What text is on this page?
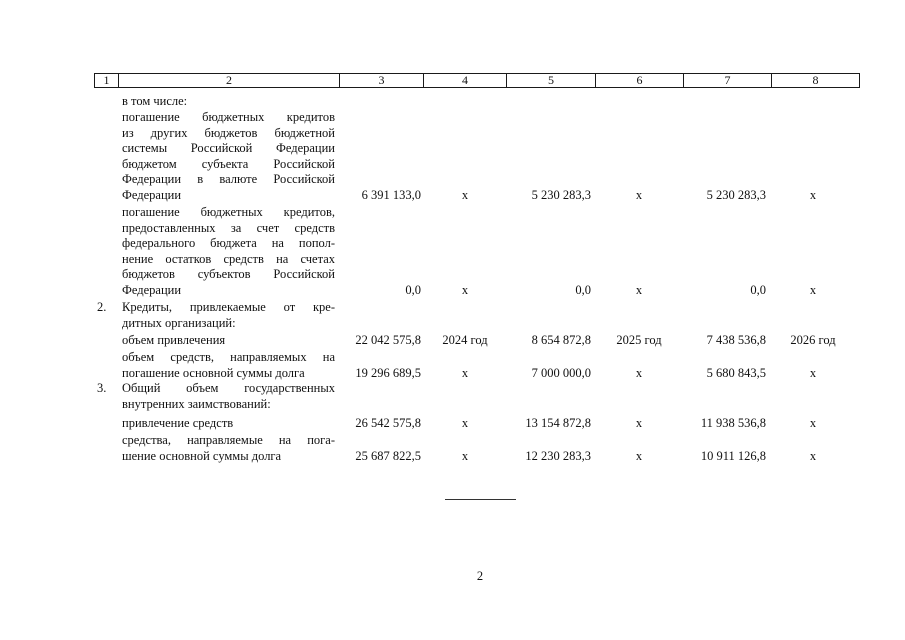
1	2	3	4	5	6	7	8
в том числе:
погашение бюджетных кредитов
из других бюджетов бюджетной
системы Российской Федерации
бюджетом субъекта Российской
Федерации в валюте Российской
Федерации	6 391 133,0	x	5 230 283,3	x	5 230 283,3	x
погашение бюджетных кредитов,
предоставленных за счет средств
федерального бюджета на попол-
нение остатков средств на счетах
бюджетов субъектов Российской
Федерации	0,0	x	0,0	x	0,0	x
2. Кредиты, привлекаемые от кре-
дитных организаций:
объем привлечения	22 042 575,8	2024 год	8 654 872,8	2025 год	7 438 536,8	2026 год
объем средств, направляемых на
погашение основной суммы долга	19 296 689,5	x	7 000 000,0	x	5 680 843,5	x
3. Общий объем государственных
внутренних заимствований:
привлечение средств	26 542 575,8	x	13 154 872,8	x	11 938 536,8	x
средства, направляемые на пога-
шение основной суммы долга	25 687 822,5	x	12 230 283,3	x	10 911 126,8	x
2
